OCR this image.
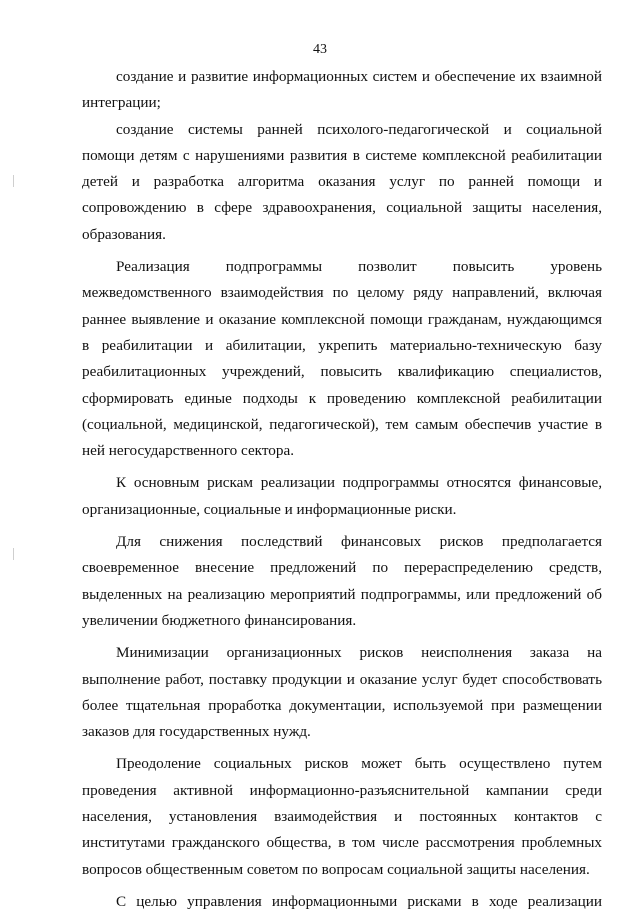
43

создание и развитие информационных систем и обеспечение их взаимной интеграции;

создание системы ранней психолого-педагогической и социальной помощи детям с нарушениями развития в системе комплексной реабилитации детей и разработка алгоритма оказания услуг по ранней помощи и сопровождению в сфере здравоохранения, социальной защиты населения, образования.

Реализация подпрограммы позволит повысить уровень межведомственного взаимодействия по целому ряду направлений, включая раннее выявление и оказание комплексной помощи гражданам, нуждающимся в реабилитации и абилитации, укрепить материально-техническую базу реабилитационных учреждений, повысить квалификацию специалистов, сформировать единые подходы к проведению комплексной реабилитации (социальной, медицинской, педагогической), тем самым обеспечив участие в ней негосударственного сектора.

К основным рискам реализации подпрограммы относятся финансовые, организационные, социальные и информационные риски.

Для снижения последствий финансовых рисков предполагается своевременное внесение предложений по перераспределению средств, выделенных на реализацию мероприятий подпрограммы, или предложений об увеличении бюджетного финансирования.

Минимизации организационных рисков неисполнения заказа на выполнение работ, поставку продукции и оказание услуг будет способствовать более тщательная проработка документации, используемой при размещении заказов для государственных нужд.

Преодоление социальных рисков может быть осуществлено путем проведения активной информационно-разъяснительной кампании среди населения, установления взаимодействия и постоянных контактов с институтами гражданского общества, в том числе рассмотрения проблемных вопросов общественным советом по вопросам социальной защиты населения.

С целью управления информационными рисками в ходе реализации
